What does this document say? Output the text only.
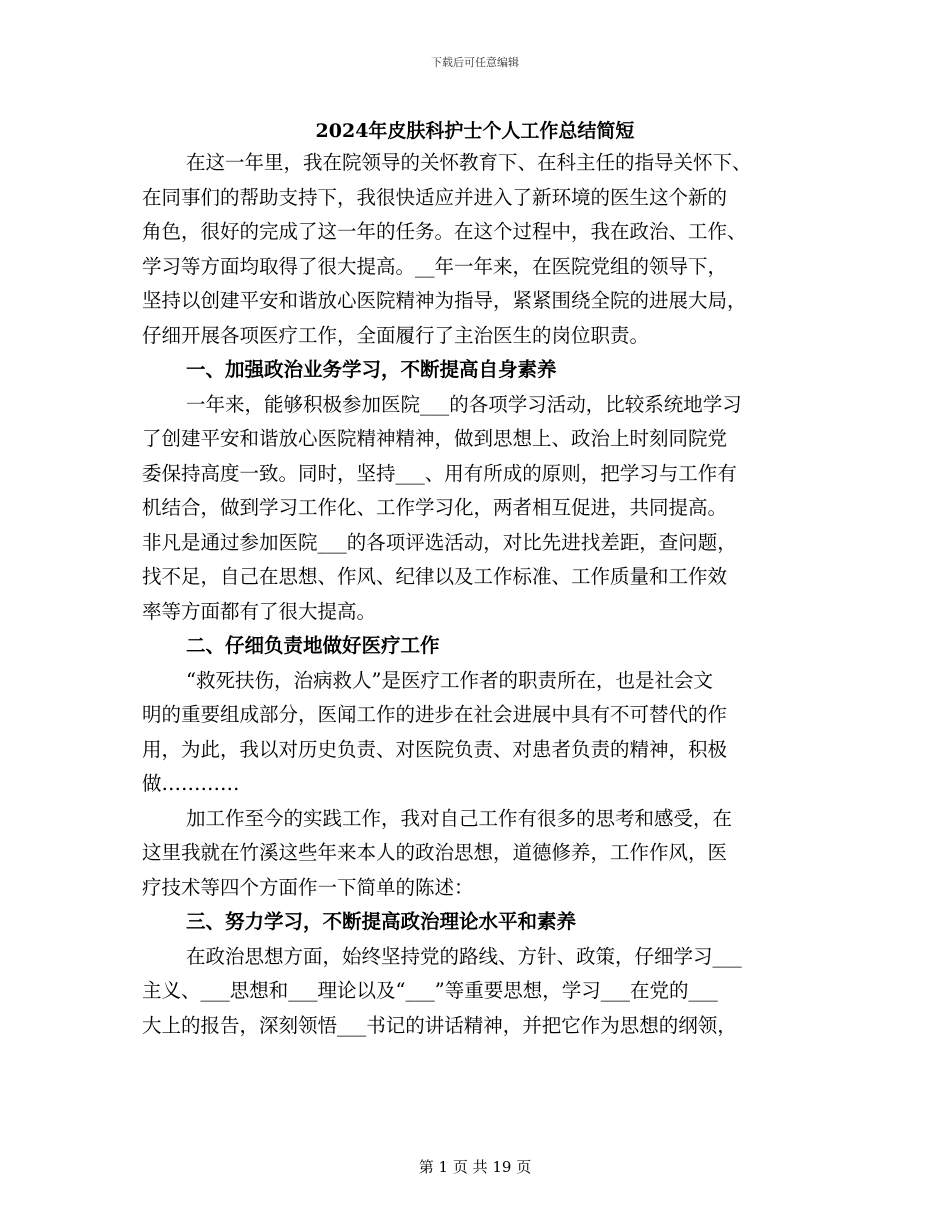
下载后可任意编辑
2024年皮肤科护士个人工作总结简短
在这一年里，我在院领导的关怀教育下、在科主任的指导关怀下、
在同事们的帮助支持下，我很快适应并进入了新环境的医生这个新的
角色，很好的完成了这一年的任务。在这个过程中，我在政治、工作、
学习等方面均取得了很大提高。__年一年来，在医院党组的领导下，
坚持以创建平安和谐放心医院精神为指导，紧紧围绕全院的进展大局，
仔细开展各项医疗工作，全面履行了主治医生的岗位职责。
一、加强政治业务学习，不断提高自身素养
一年来，能够积极参加医院___的各项学习活动，比较系统地学习
了创建平安和谐放心医院精神精神，做到思想上、政治上时刻同院党
委保持高度一致。同时，坚持___、用有所成的原则，把学习与工作有
机结合，做到学习工作化、工作学习化，两者相互促进，共同提高。
非凡是通过参加医院___的各项评选活动，对比先进找差距，查问题，
找不足，自己在思想、作风、纪律以及工作标准、工作质量和工作效
率等方面都有了很大提高。
二、仔细负责地做好医疗工作
“救死扶伤，治病救人”是医疗工作者的职责所在，也是社会文
明的重要组成部分，医闻工作的进步在社会进展中具有不可替代的作
用，为此，我以对历史负责、对医院负责、对患者负责的精神，积极
做…………
加工作至今的实践工作，我对自己工作有很多的思考和感受，在
这里我就在竹溪这些年来本人的政治思想，道德修养，工作作风，医
疗技术等四个方面作一下简单的陈述：
三、努力学习，不断提高政治理论水平和素养
在政治思想方面，始终坚持党的路线、方针、政策，仔细学习___
主义、___思想和___理论以及“___”等重要思想，学习___在党的___
大上的报告，深刻领悟___书记的讲话精神，并把它作为思想的纲领，
第 1 页 共 19 页
